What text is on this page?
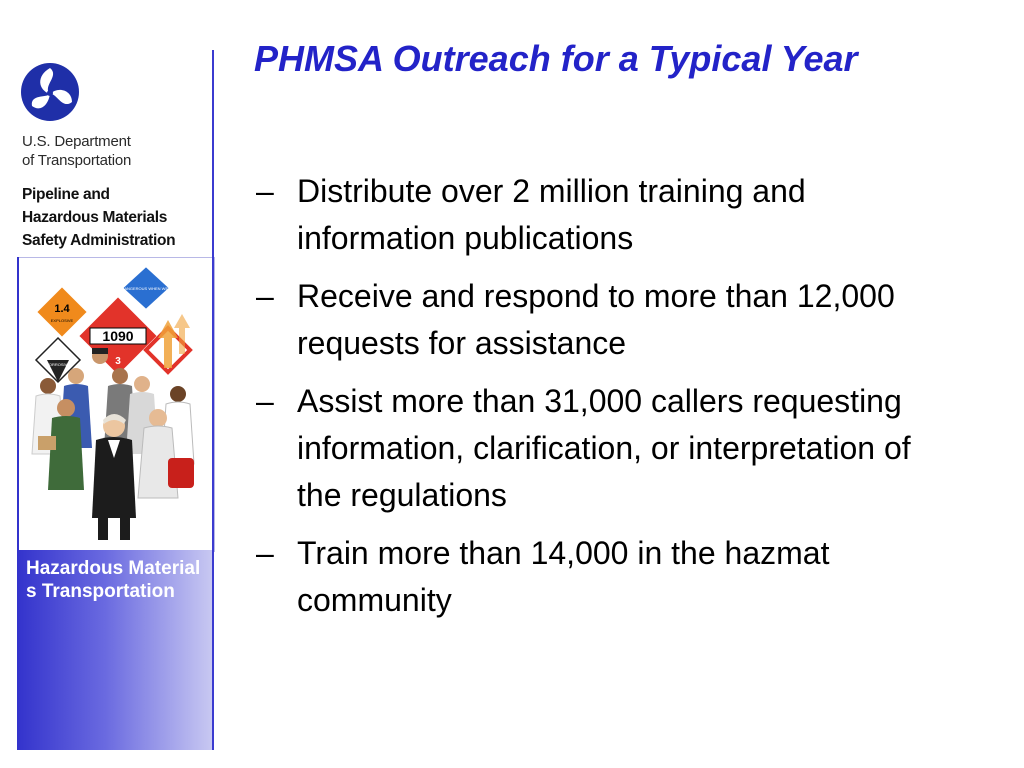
U.S. Department
of Transportation
Pipeline and
Hazardous Materials
Safety Administration
DANGEROUS WHEN WET
1.4
EXPLOSIVE
1090
3
CORROSIVE
Hazardous Materials Transportation
PHMSA Outreach for a Typical Year
– Distribute over 2 million training and information publications
– Receive and respond to more than 12,000 requests for assistance
– Assist more than 31,000 callers requesting information, clarification, or interpretation of the regulations
– Train more than 14,000 in the hazmat community
